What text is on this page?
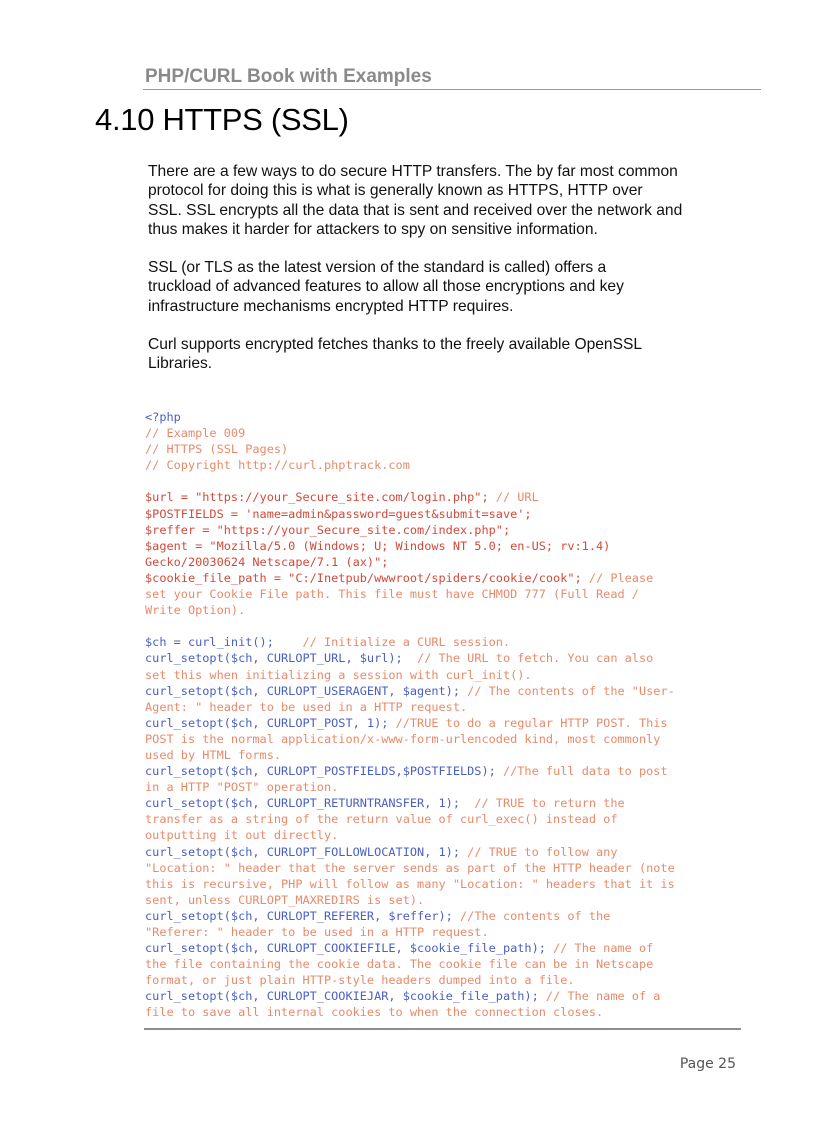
PHP/CURL Book with Examples
4.10 HTTPS (SSL)

There are a few ways to do secure HTTP transfers. The by far most common
protocol for doing this is what is generally known as HTTPS, HTTP over
SSL. SSL encrypts all the data that is sent and received over the network and
thus makes it harder for attackers to spy on sensitive information.

SSL (or TLS as the latest version of the standard is called) offers a
truckload of advanced features to allow all those encryptions and key
infrastructure mechanisms encrypted HTTP requires.

Curl supports encrypted fetches thanks to the freely available OpenSSL
Libraries.

<?php
// Example 009
// HTTPS (SSL Pages)
// Copyright http://curl.phptrack.com
$url = "https://your_Secure_site.com/login.php"; // URL
$POSTFIELDS = 'name=admin&password=guest&submit=save';
$reffer = "https://your_Secure_site.com/index.php";
$agent = "Mozilla/5.0 (Windows; U; Windows NT 5.0; en-US; rv:1.4)
Gecko/20030624 Netscape/7.1 (ax)";
$cookie_file_path = "C:/Inetpub/wwwroot/spiders/cookie/cook"; // Please
set your Cookie File path. This file must have CHMOD 777 (Full Read /
Write Option).
$ch = curl_init();    // Initialize a CURL session.
curl_setopt($ch, CURLOPT_URL, $url);  // The URL to fetch. You can also
set this when initializing a session with curl_init().
curl_setopt($ch, CURLOPT_USERAGENT, $agent); // The contents of the "User-
Agent: " header to be used in a HTTP request.
curl_setopt($ch, CURLOPT_POST, 1); //TRUE to do a regular HTTP POST. This
POST is the normal application/x-www-form-urlencoded kind, most commonly
used by HTML forms.
curl_setopt($ch, CURLOPT_POSTFIELDS,$POSTFIELDS); //The full data to post
in a HTTP "POST" operation.
curl_setopt($ch, CURLOPT_RETURNTRANSFER, 1);  // TRUE to return the
transfer as a string of the return value of curl_exec() instead of
outputting it out directly.
curl_setopt($ch, CURLOPT_FOLLOWLOCATION, 1); // TRUE to follow any
"Location: " header that the server sends as part of the HTTP header (note
this is recursive, PHP will follow as many "Location: " headers that it is
sent, unless CURLOPT_MAXREDIRS is set).
curl_setopt($ch, CURLOPT_REFERER, $reffer); //The contents of the
"Referer: " header to be used in a HTTP request.
curl_setopt($ch, CURLOPT_COOKIEFILE, $cookie_file_path); // The name of
the file containing the cookie data. The cookie file can be in Netscape
format, or just plain HTTP-style headers dumped into a file.
curl_setopt($ch, CURLOPT_COOKIEJAR, $cookie_file_path); // The name of a
file to save all internal cookies to when the connection closes.
Page 25
